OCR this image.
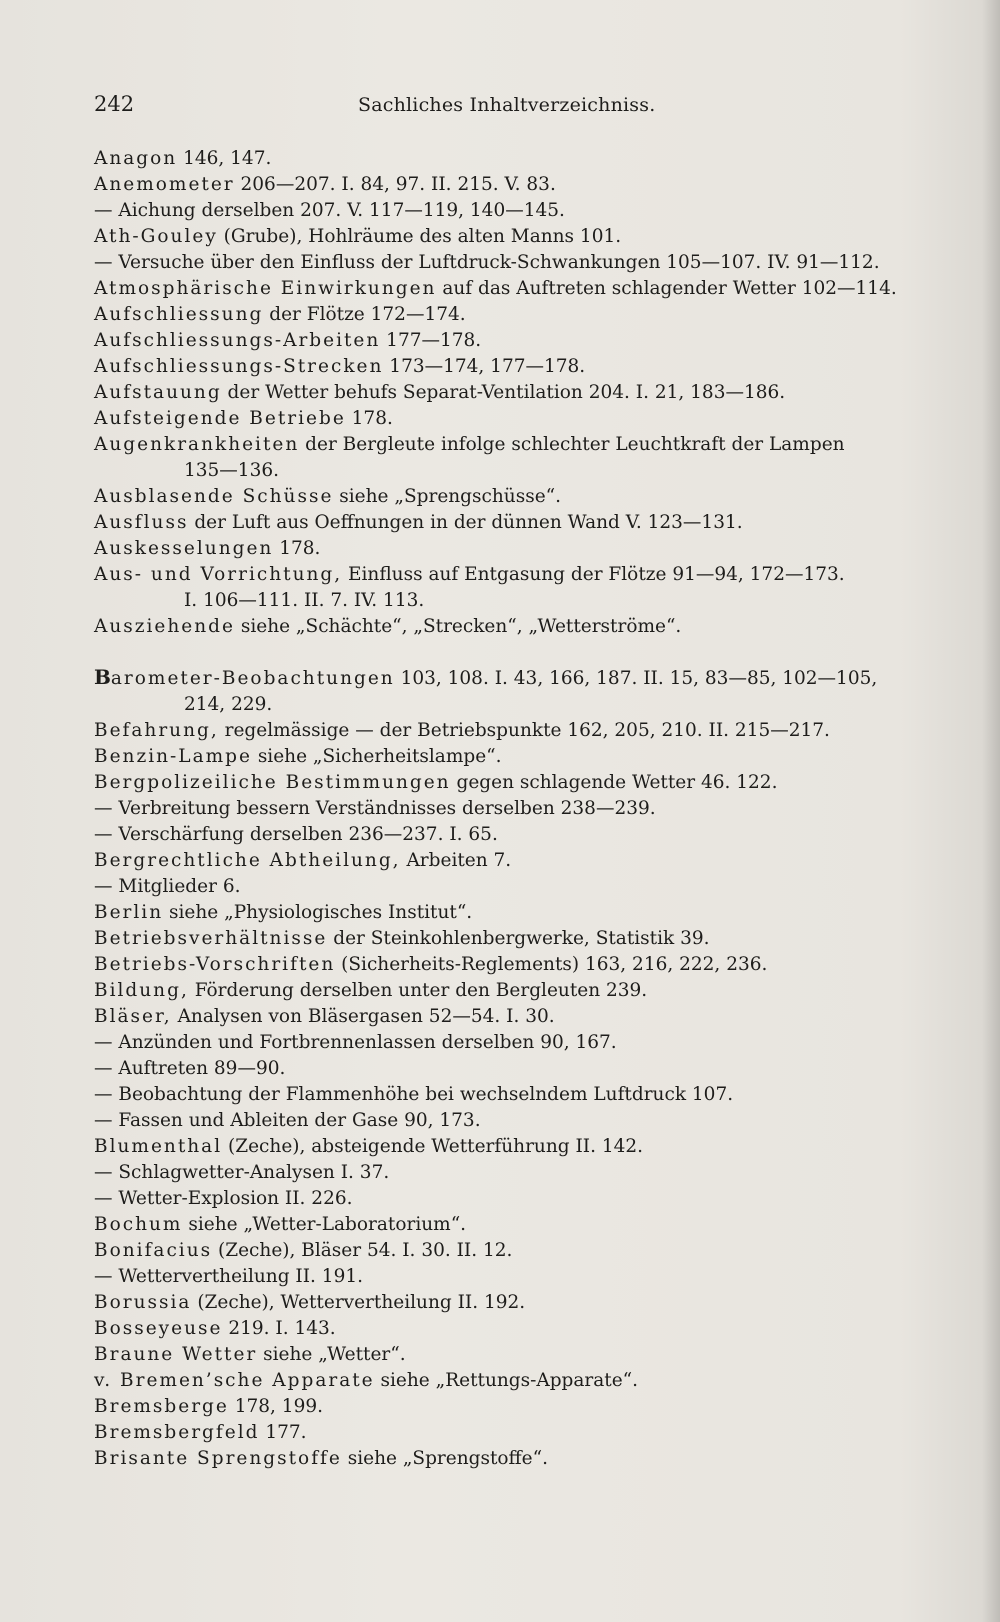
242	Sachliches Inhaltverzeichniss.
Anagon 146, 147.
Anemometer 206—207. I. 84, 97. II. 215. V. 83.
— Aichung derselben 207. V. 117—119, 140—145.
Ath-Gouley (Grube), Hohlräume des alten Manns 101.
— Versuche über den Einfluss der Luftdruck-Schwankungen 105—107. IV. 91—112.
Atmosphärische Einwirkungen auf das Auftreten schlagender Wetter 102—114.
Aufschliessung der Flötze 172—174.
Aufschliessungs-Arbeiten 177—178.
Aufschliessungs-Strecken 173—174, 177—178.
Aufstauung der Wetter behufs Separat-Ventilation 204. I. 21, 183—186.
Aufsteigende Betriebe 178.
Augenkrankheiten der Bergleute infolge schlechter Leuchtkraft der Lampen
135—136.
Ausblasende Schüsse siehe „Sprengschüsse“.
Ausfluss der Luft aus Oeffnungen in der dünnen Wand V. 123—131.
Auskesselungen 178.
Aus- und Vorrichtung, Einfluss auf Entgasung der Flötze 91—94, 172—173.
I. 106—111. II. 7. IV. 113.
Ausziehende siehe „Schächte“, „Strecken“, „Wetterströme“.
Barometer-Beobachtungen 103, 108. I. 43, 166, 187. II. 15, 83—85, 102—105,
214, 229.
Befahrung, regelmässige — der Betriebspunkte 162, 205, 210. II. 215—217.
Benzin-Lampe siehe „Sicherheitslampe“.
Bergpolizeiliche Bestimmungen gegen schlagende Wetter 46. 122.
— Verbreitung bessern Verständnisses derselben 238—239.
— Verschärfung derselben 236—237. I. 65.
Bergrechtliche Abtheilung, Arbeiten 7.
— Mitglieder 6.
Berlin siehe „Physiologisches Institut“.
Betriebsverhältnisse der Steinkohlenbergwerke, Statistik 39.
Betriebs-Vorschriften (Sicherheits-Reglements) 163, 216, 222, 236.
Bildung, Förderung derselben unter den Bergleuten 239.
Bläser, Analysen von Bläsergasen 52—54. I. 30.
— Anzünden und Fortbrennenlassen derselben 90, 167.
— Auftreten 89—90.
— Beobachtung der Flammenhöhe bei wechselndem Luftdruck 107.
— Fassen und Ableiten der Gase 90, 173.
Blumenthal (Zeche), absteigende Wetterführung II. 142.
— Schlagwetter-Analysen I. 37.
— Wetter-Explosion II. 226.
Bochum siehe „Wetter-Laboratorium“.
Bonifacius (Zeche), Bläser 54. I. 30. II. 12.
— Wettervertheilung II. 191.
Borussia (Zeche), Wettervertheilung II. 192.
Bosseyeuse 219. I. 143.
Braune Wetter siehe „Wetter“.
v. Bremen’sche Apparate siehe „Rettungs-Apparate“.
Bremsberge 178, 199.
Bremsbergfeld 177.
Brisante Sprengstoffe siehe „Sprengstoffe“.
